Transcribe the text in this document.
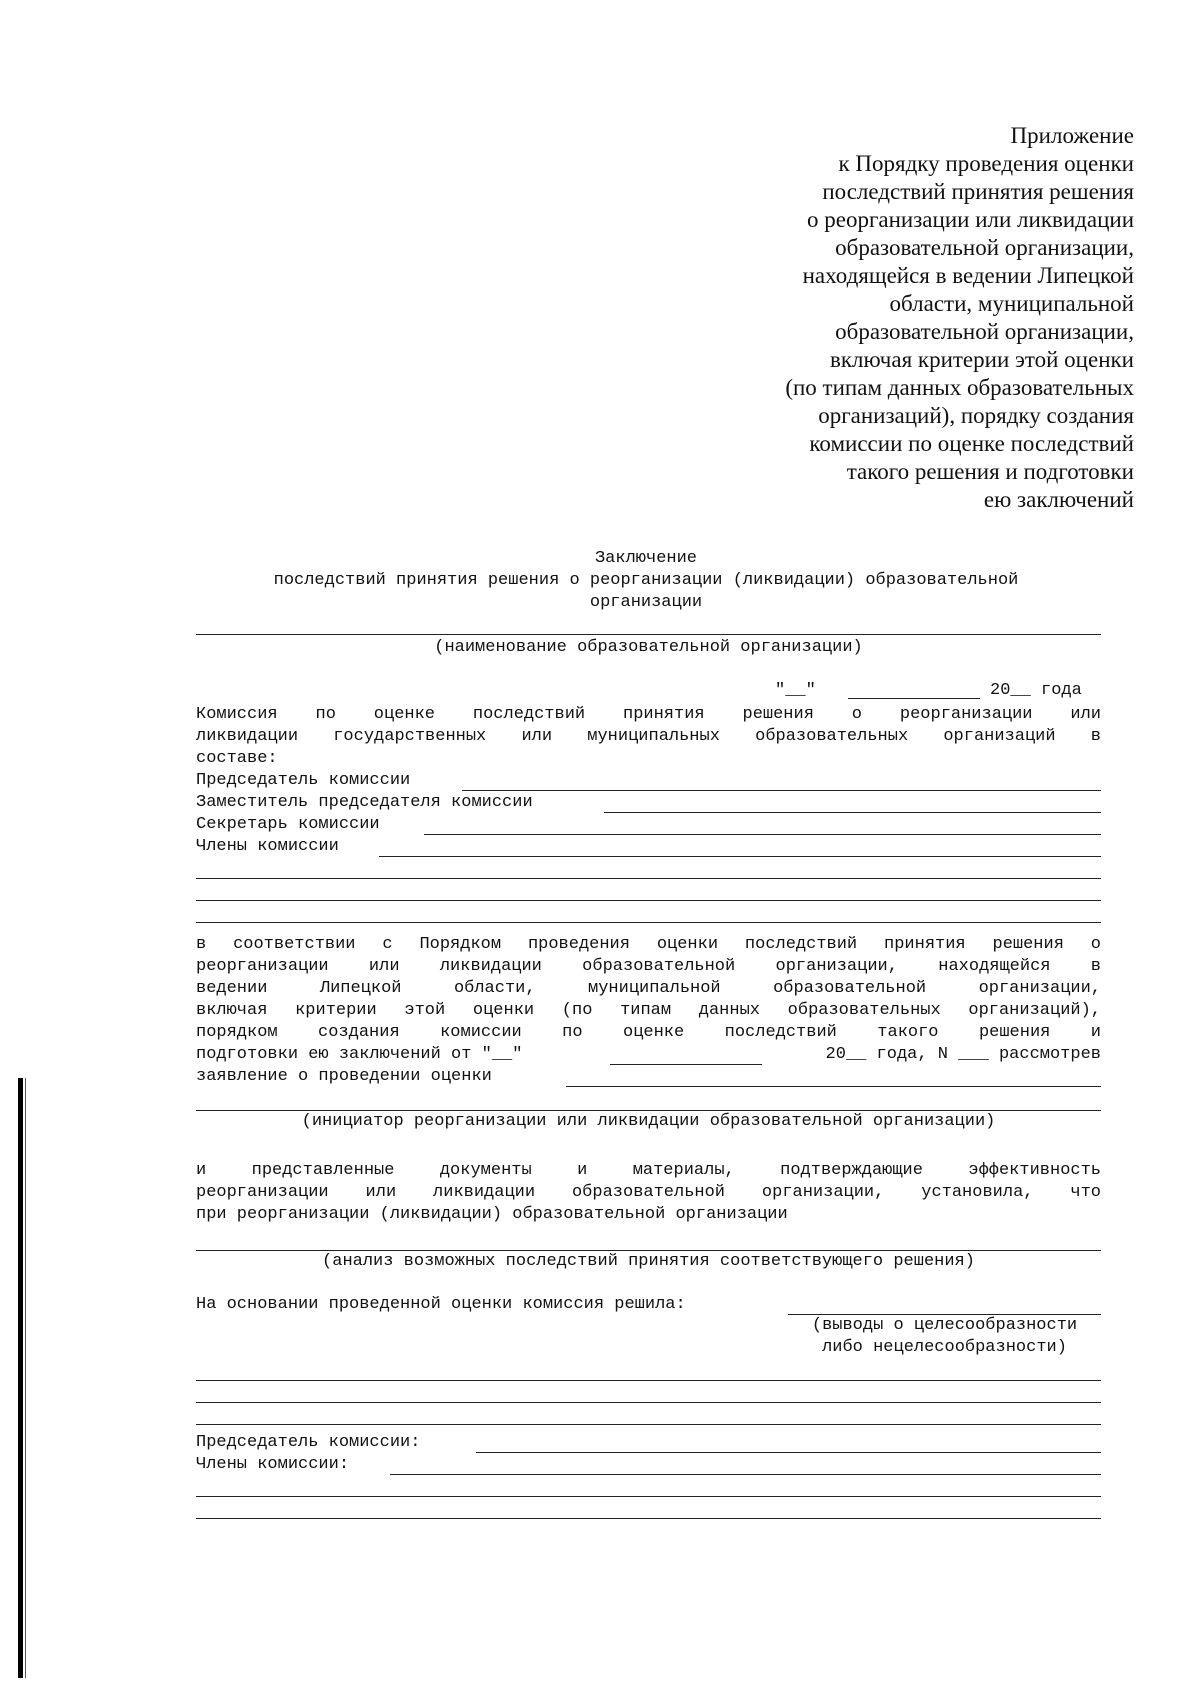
Приложение
к Порядку проведения оценки
последствий принятия решения
о реорганизации или ликвидации
образовательной организации,
находящейся в ведении Липецкой
области, муниципальной
образовательной организации,
включая критерии этой оценки
(по типам данных образовательных
организаций), порядку создания
комиссии по оценке последствий
такого решения и подготовки
ею заключений
Заключение
последствий принятия решения о реорганизации (ликвидации) образовательной
организации
(наименование образовательной организации)
"__"	20__ года
Комиссия по оценке последствий принятия решения о реорганизации или
ликвидации государственных или муниципальных образовательных организаций в
составе:
Председатель комиссии
Заместитель председателя комиссии
Секретарь комиссии
Члены комиссии
в соответствии с Порядком проведения оценки последствий принятия решения о
реорганизации или ликвидации образовательной организации, находящейся в
ведении Липецкой области, муниципальной образовательной организации,
включая критерии этой оценки (по типам данных образовательных организаций),
порядком создания комиссии по оценке последствий такого решения и
подготовки ею заключений от "__"	20__ года, N ___ рассмотрев
заявление о проведении оценки
(инициатор реорганизации или ликвидации образовательной организации)
и представленные документы и материалы, подтверждающие эффективность
реорганизации или ликвидации образовательной организации, установила, что
при реорганизации (ликвидации) образовательной организации
(анализ возможных последствий принятия соответствующего решения)
На основании проведенной оценки комиссия решила:
(выводы о целесообразности
либо нецелесообразности)
Председатель комиссии:
Члены комиссии:
